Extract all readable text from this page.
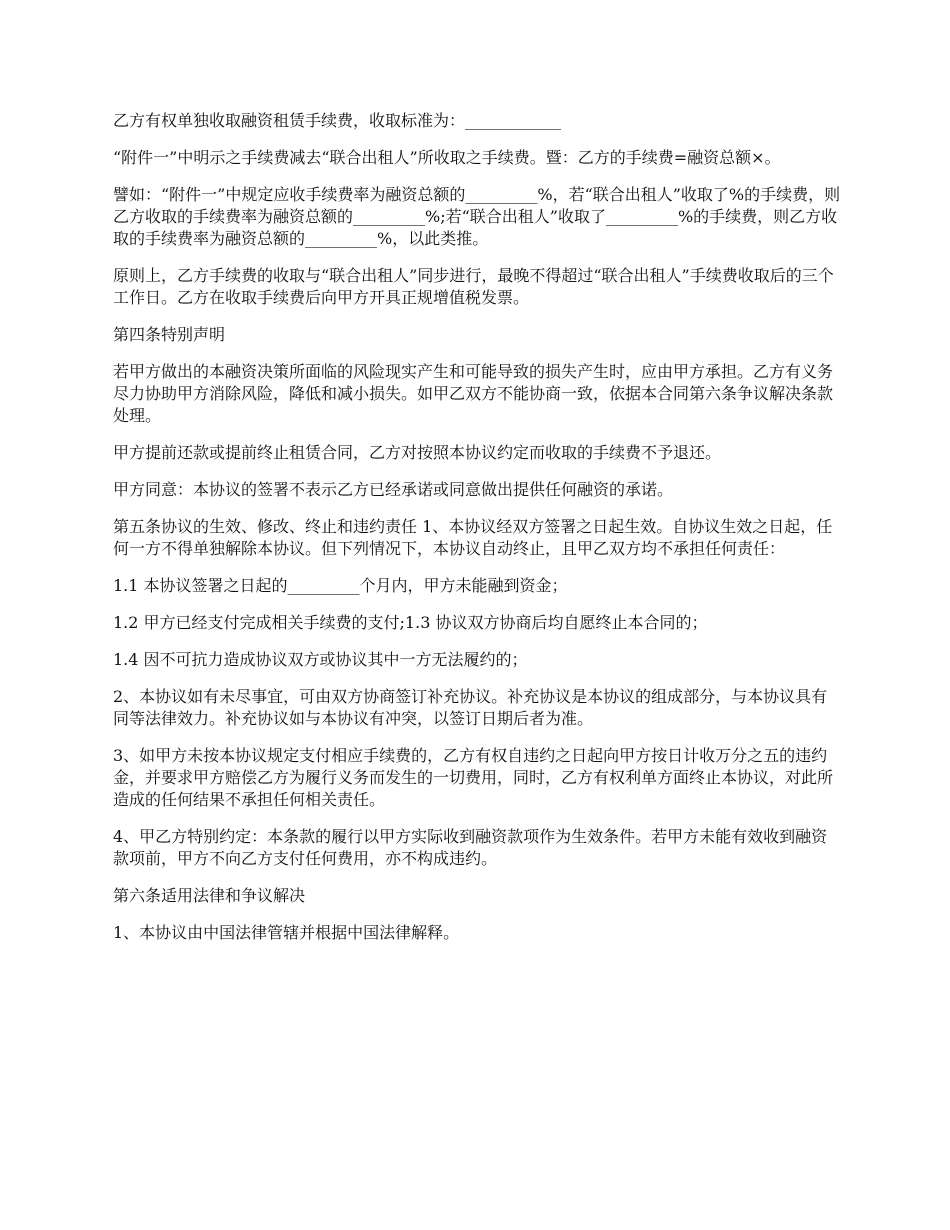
乙方有权单独收取融资租赁手续费，收取标准为：____________

“附件一”中明示之手续费减去“联合出租人”所收取之手续费。暨：乙方的手续费=融资总额×。

譬如：“附件一”中规定应收手续费率为融资总额的_________%，若“联合出租人”收取了%的手续费，则乙方收取的手续费率为融资总额的_________%;若“联合出租人”收取了_________%的手续费，则乙方收取的手续费率为融资总额的_________%，以此类推。

原则上，乙方手续费的收取与“联合出租人”同步进行，最晚不得超过“联合出租人”手续费收取后的三个工作日。乙方在收取手续费后向甲方开具正规增值税发票。

第四条特别声明

若甲方做出的本融资决策所面临的风险现实产生和可能导致的损失产生时，应由甲方承担。乙方有义务尽力协助甲方消除风险，降低和减小损失。如甲乙双方不能协商一致，依据本合同第六条争议解决条款处理。

甲方提前还款或提前终止租赁合同，乙方对按照本协议约定而收取的手续费不予退还。

甲方同意：本协议的签署不表示乙方已经承诺或同意做出提供任何融资的承诺。

第五条协议的生效、修改、终止和违约责任 1、本协议经双方签署之日起生效。自协议生效之日起，任何一方不得单独解除本协议。但下列情况下，本协议自动终止，且甲乙双方均不承担任何责任：

1.1 本协议签署之日起的_________个月内，甲方未能融到资金；

1.2 甲方已经支付完成相关手续费的支付;1.3 协议双方协商后均自愿终止本合同的；

1.4 因不可抗力造成协议双方或协议其中一方无法履约的；

2、本协议如有未尽事宜，可由双方协商签订补充协议。补充协议是本协议的组成部分，与本协议具有同等法律效力。补充协议如与本协议有冲突，以签订日期后者为准。

3、如甲方未按本协议规定支付相应手续费的，乙方有权自违约之日起向甲方按日计收万分之五的违约金，并要求甲方赔偿乙方为履行义务而发生的一切费用，同时，乙方有权利单方面终止本协议，对此所造成的任何结果不承担任何相关责任。

4、甲乙方特别约定：本条款的履行以甲方实际收到融资款项作为生效条件。若甲方未能有效收到融资款项前，甲方不向乙方支付任何费用，亦不构成违约。

第六条适用法律和争议解决

1、本协议由中国法律管辖并根据中国法律解释。
